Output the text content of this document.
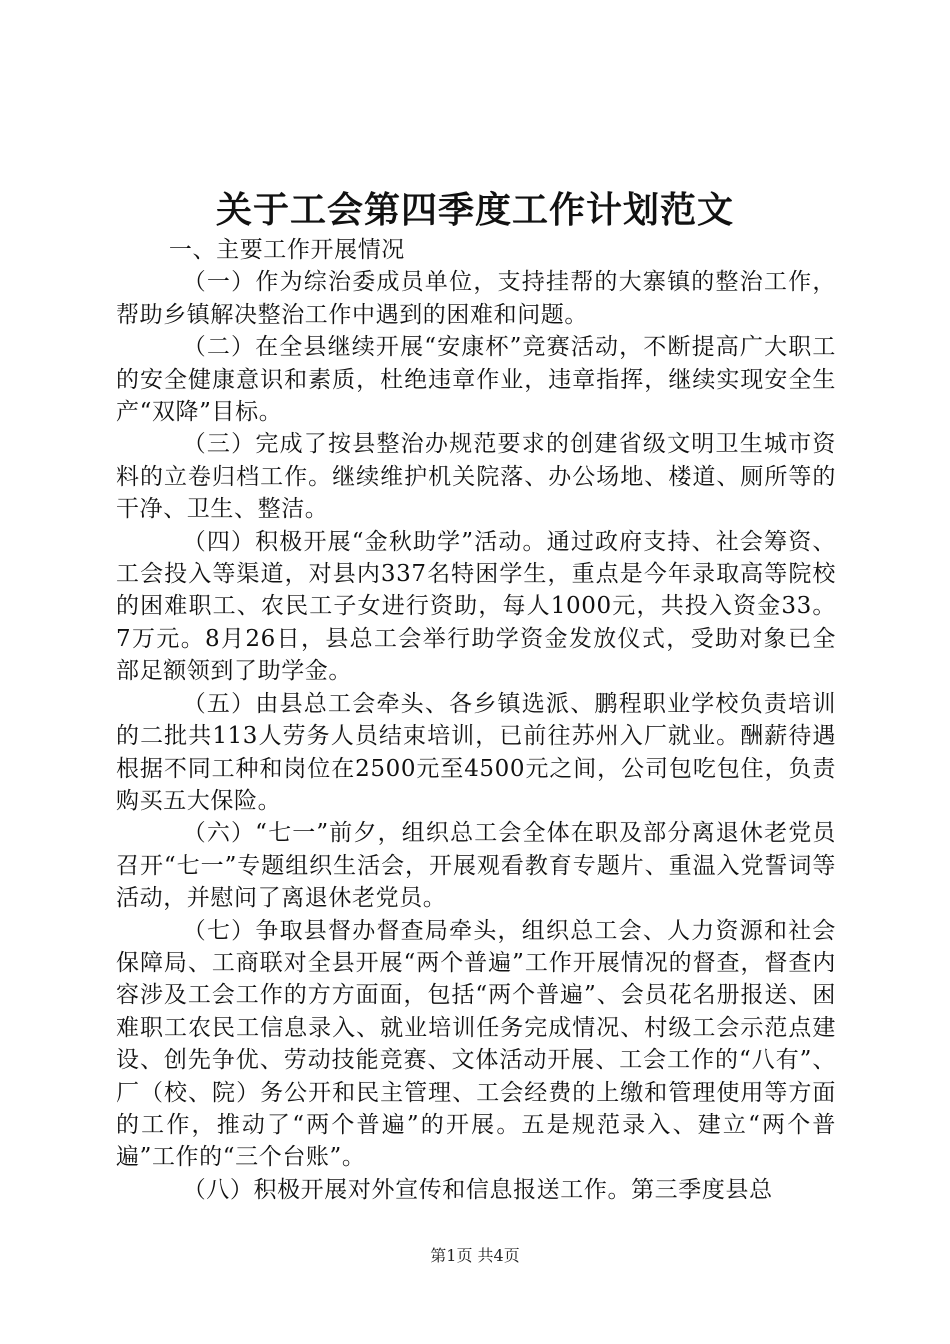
关于工会第四季度工作计划范文

一、主要工作开展情况

（一）作为综治委成员单位，支持挂帮的大寨镇的整治工作，帮助乡镇解决整治工作中遇到的困难和问题。

（二）在全县继续开展“安康杯”竞赛活动，不断提高广大职工的安全健康意识和素质，杜绝违章作业，违章指挥，继续实现安全生产“双降”目标。

（三）完成了按县整治办规范要求的创建省级文明卫生城市资料的立卷归档工作。继续维护机关院落、办公场地、楼道、厕所等的干净、卫生、整洁。

（四）积极开展“金秋助学”活动。通过政府支持、社会筹资、工会投入等渠道，对县内337名特困学生，重点是今年录取高等院校的困难职工、农民工子女进行资助，每人1000元，共投入资金33。7万元。8月26日，县总工会举行助学资金发放仪式，受助对象已全部足额领到了助学金。

（五）由县总工会牵头、各乡镇选派、鹏程职业学校负责培训的二批共113人劳务人员结束培训，已前往苏州入厂就业。酬薪待遇根据不同工种和岗位在2500元至4500元之间，公司包吃包住，负责购买五大保险。

（六）“七一”前夕，组织总工会全体在职及部分离退休老党员召开“七一”专题组织生活会，开展观看教育专题片、重温入党誓词等活动，并慰问了离退休老党员。

（七）争取县督办督查局牵头，组织总工会、人力资源和社会保障局、工商联对全县开展“两个普遍”工作开展情况的督查，督查内容涉及工会工作的方方面面，包括“两个普遍”、会员花名册报送、困难职工农民工信息录入、就业培训任务完成情况、村级工会示范点建设、创先争优、劳动技能竞赛、文体活动开展、工会工作的“八有”、厂（校、院）务公开和民主管理、工会经费的上缴和管理使用等方面的工作，推动了“两个普遍”的开展。五是规范录入、建立“两个普遍”工作的“三个台账”。

（八）积极开展对外宣传和信息报送工作。第三季度县总

第1页 共4页
